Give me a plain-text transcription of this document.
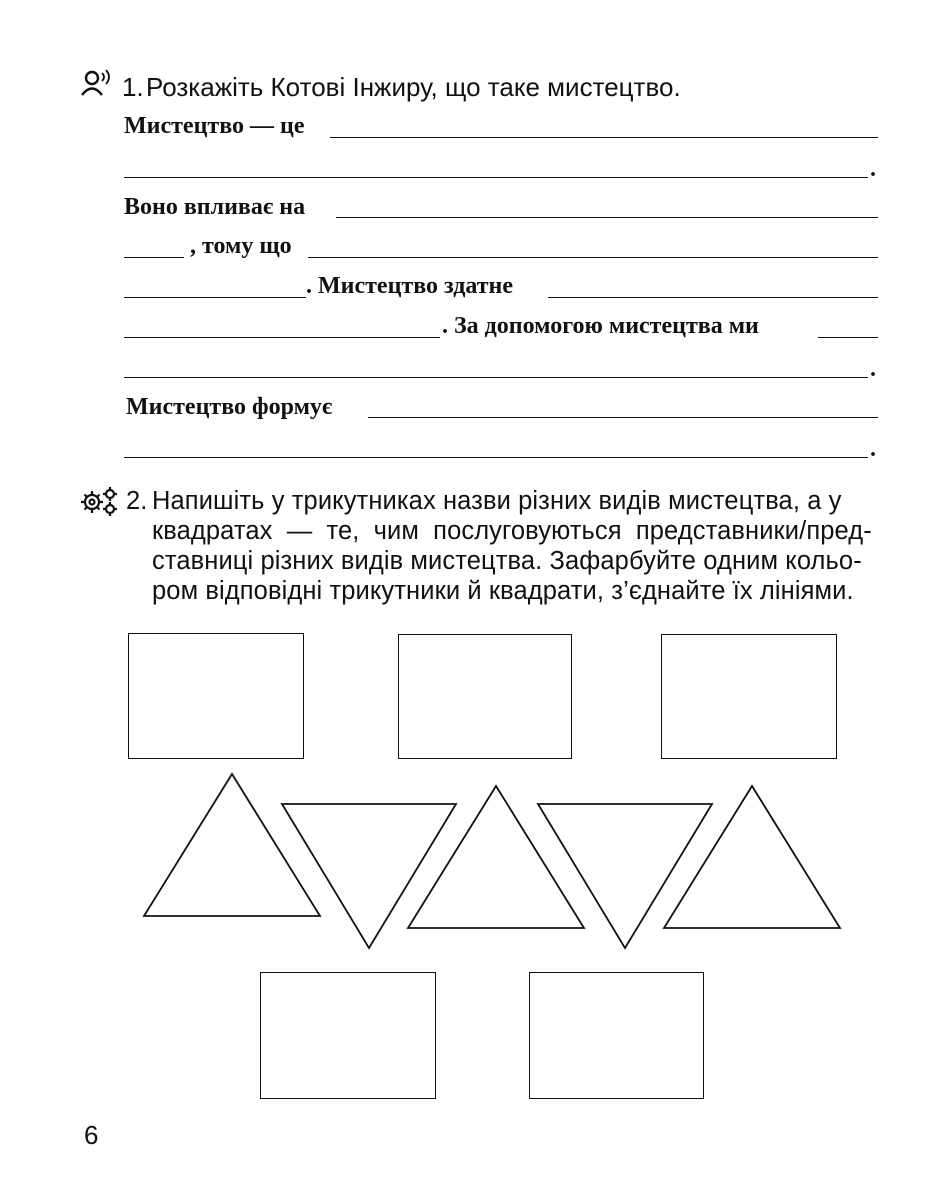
1. Розкажіть Котові Інжиру, що таке мистецтво.
Мистецтво — це
.
Воно впливає на
, тому що
. Мистецтво здатне
. За допомогою мистецтва ми
.
Мистецтво формує
.
2. Напишіть у трикутниках назви різних видів мистецтва, а у
квадратах — те, чим послуговуються представники/пред-
ставниці різних видів мистецтва. Зафарбуйте одним кольо-
ром відповідні трикутники й квадрати, з’єднайте їх лініями.
6
